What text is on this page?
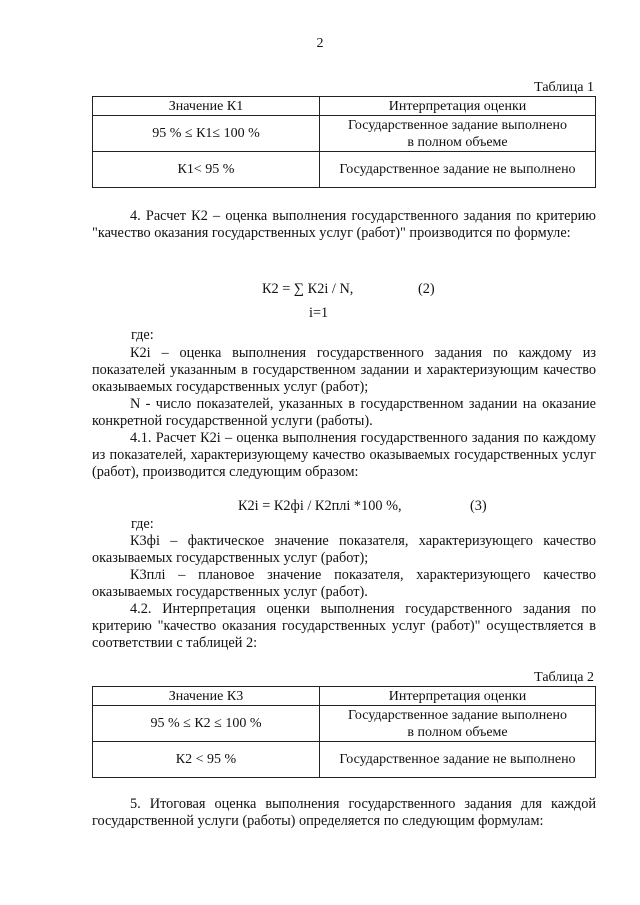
2
Таблица 1
Значение К1	Интерпретация оценки
95 % ≤ К1≤ 100 %	Государственное задание выполнено
в полном объеме

К1< 95 %	Государственное задание не выполнено
4. Расчет К2 – оценка выполнения государственного задания по критерию "качество оказания государственных услуг (работ)" производится по формуле:
К2 = ∑ К2i / N,	(2)
i=1
где:
К2i – оценка выполнения государственного задания по каждому из показателей указанным в государственном задании и характеризующим качество оказываемых государственных услуг (работ);
N - число показателей, указанных в государственном задании на оказание конкретной государственной услуги (работы).
4.1. Расчет К2i – оценка выполнения государственного задания по каждому из показателей, характеризующему качество оказываемых государственных услуг (работ), производится следующим образом:
К2i = К2фi / К2плi *100 %,	(3)
где:
К3фi – фактическое значение показателя, характеризующего качество оказываемых государственных услуг (работ);
К3плi – плановое значение показателя, характеризующего качество оказываемых государственных услуг (работ).
4.2. Интерпретация оценки выполнения государственного задания по критерию "качество оказания государственных услуг (работ)" осуществляется в соответствии с таблицей 2:
Таблица 2
Значение К3	Интерпретация оценки
95 % ≤ К2 ≤ 100 %	Государственное задание выполнено
в полном объеме

К2 < 95 %	Государственное задание не выполнено
5. Итоговая оценка выполнения государственного задания для каждой государственной услуги (работы) определяется по следующим формулам:
